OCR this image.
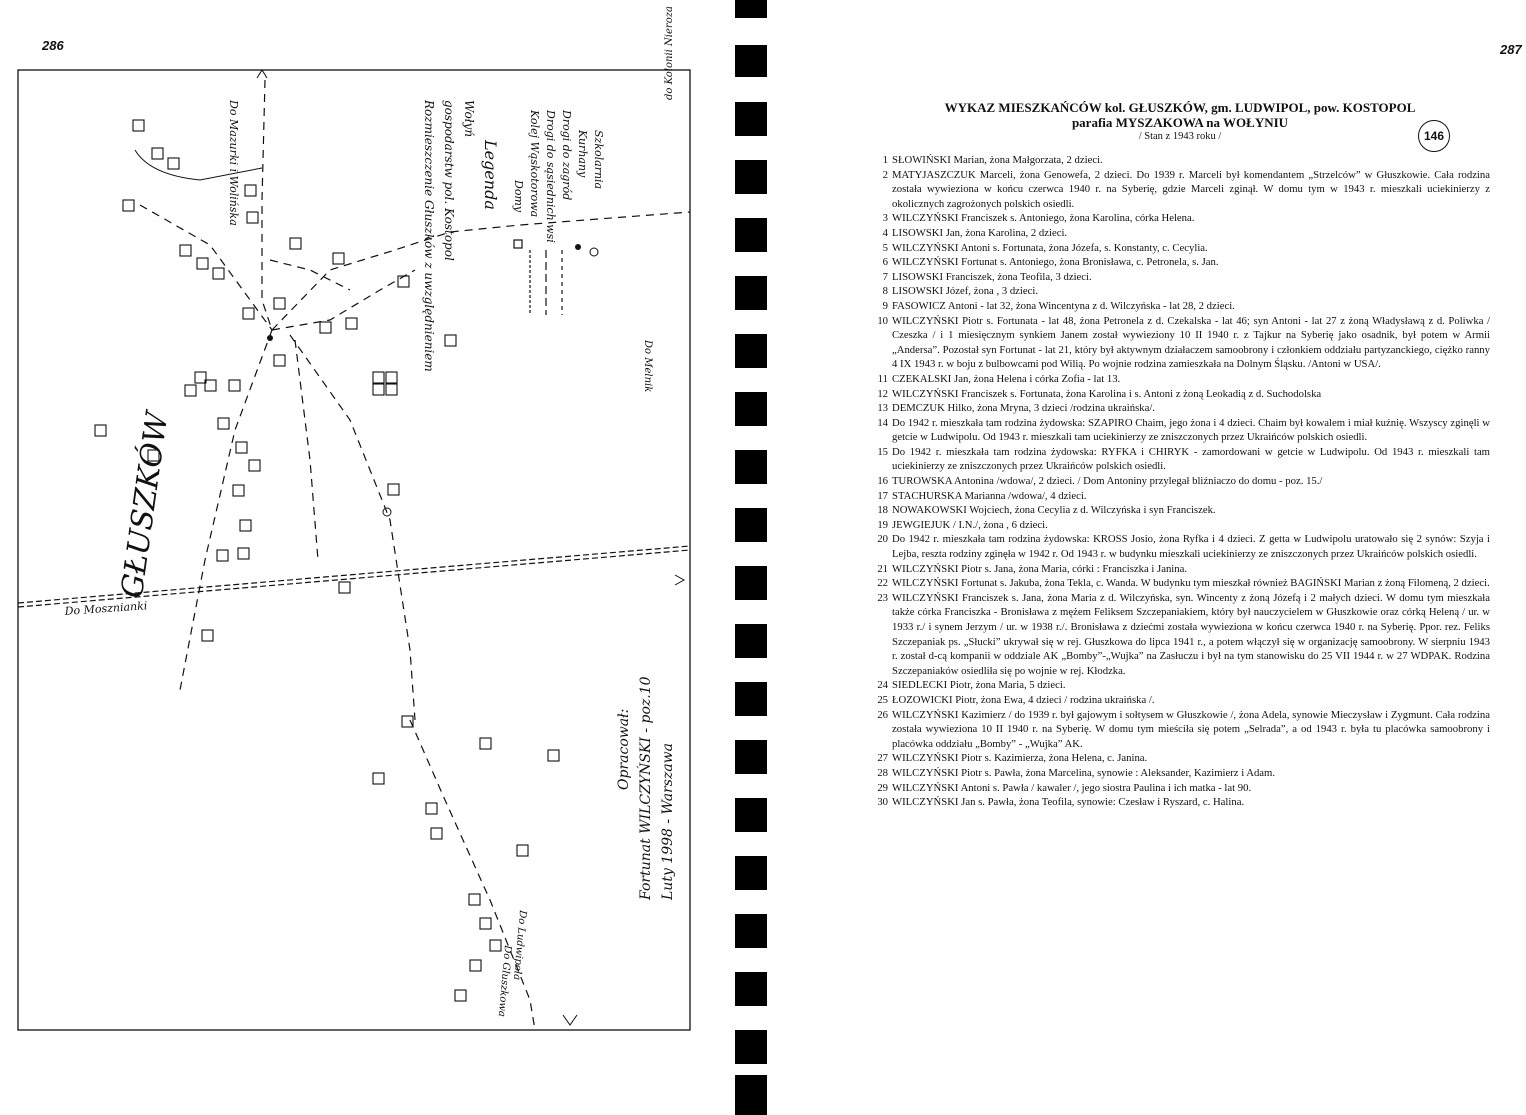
286
GŁUSZKÓW
Do Mazurki i Wolińska
Do Mosznianki
Do Ludwipola
Do Gluszkowa
Do Melnik
do Kolonii Nieroza
Rozmieszczenie Głuszków z uwzględnieniem gospodarstw pol. Kostopol Wołyń
Legenda Domy Kolej Wąskotorowa Drogi do sąsiednich wsi Drogi do zagród Kurhany Szkolarnia
Opracował: Fortunat WILCZYŃSKI - poz.10 Luty 1998 - Warszawa
287
146
WYKAZ MIESZKAŃCÓW kol. GŁUSZKÓW, gm. LUDWIPOL, pow. KOSTOPOL
parafia MYSZAKOWA na WOŁYNIU
/ Stan z 1943 roku /
1 SŁOWIŃSKI Marian, żona Małgorzata, 2 dzieci.
2 MATYJASZCZUK Marceli, żona Genowefa, 2 dzieci. Do 1939 r. Marceli był komendantem „Strzelców” w Głuszkowie. Cała rodzina została wywieziona w końcu czerwca 1940 r. na Syberię, gdzie Marceli zginął. W domu tym w 1943 r. mieszkali uciekinierzy z okolicznych zagrożonych polskich osiedli.
3 WILCZYŃSKI Franciszek s. Antoniego, żona Karolina, córka Helena.
4 LISOWSKI Jan, żona Karolina, 2 dzieci.
5 WILCZYŃSKI Antoni s. Fortunata, żona Józefa, s. Konstanty, c. Cecylia.
6 WILCZYŃSKI Fortunat s. Antoniego, żona Bronisława, c. Petronela, s. Jan.
7 LISOWSKI Franciszek, żona Teofila, 3 dzieci.
8 LISOWSKI Józef, żona , 3 dzieci.
9 FASOWICZ Antoni - lat 32, żona Wincentyna z d. Wilczyńska - lat 28, 2 dzieci.
10 WILCZYŃSKI Piotr s. Fortunata - lat 48, żona Petronela z d. Czekalska - lat 46; syn Antoni - lat 27 z żoną Władysławą z d. Poliwka / Czeszka / i 1 miesięcznym synkiem Janem został wywieziony 10 II 1940 r. z Tajkur na Syberię jako osadnik, był potem w Armii „Andersa”. Pozostał syn Fortunat - lat 21, który był aktywnym działaczem samoobrony i członkiem oddziału partyzanckiego, ciężko ranny 4 IX 1943 r. w boju z bulbowcami pod Wilią. Po wojnie rodzina zamieszkała na Dolnym Śląsku. /Antoni w USA/.
11 CZEKALSKI Jan, żona Helena i córka Zofia - lat 13.
12 WILCZYŃSKI Franciszek s. Fortunata, żona Karolina i s. Antoni z żoną Leokadią z d. Suchodolska
13 DEMCZUK Hilko, żona Mryna, 3 dzieci /rodzina ukraińska/.
14 Do 1942 r. mieszkała tam rodzina żydowska: SZAPIRO Chaim, jego żona i 4 dzieci. Chaim był kowalem i miał kuźnię. Wszyscy zginęli w getcie w Ludwipolu. Od 1943 r. mieszkali tam uciekinierzy ze zniszczonych przez Ukraińców polskich osiedli.
15 Do 1942 r. mieszkała tam rodzina żydowska: RYFKA i CHIRYK - zamordowani w getcie w Ludwipolu. Od 1943 r. mieszkali tam uciekinierzy ze zniszczonych przez Ukraińców polskich osiedli.
16 TUROWSKA Antonina /wdowa/, 2 dzieci. / Dom Antoniny przylegał bliźniaczo do domu - poz. 15./
17 STACHURSKA Marianna /wdowa/, 4 dzieci.
18 NOWAKOWSKI Wojciech, żona Cecylia z d. Wilczyńska i syn Franciszek.
19 JEWGIEJUK / I.N./, żona , 6 dzieci.
20 Do 1942 r. mieszkała tam rodzina żydowska: KROSS Josio, żona Ryfka i 4 dzieci. Z getta w Ludwipolu uratowało się 2 synów: Szyja i Lejba, reszta rodziny zginęła w 1942 r. Od 1943 r. w budynku mieszkali uciekinierzy ze zniszczonych przez Ukraińców polskich osiedli.
21 WILCZYŃSKI Piotr s. Jana, żona Maria, córki : Franciszka i Janina.
22 WILCZYŃSKI Fortunat s. Jakuba, żona Tekla, c. Wanda. W budynku tym mieszkał również BAGIŃSKI Marian z żoną Filomeną, 2 dzieci.
23 WILCZYŃSKI Franciszek s. Jana, żona Maria z d. Wilczyńska, syn. Wincenty z żoną Józefą i 2 małych dzieci. W domu tym mieszkała także córka Franciszka - Bronisława z mężem Feliksem Szczepaniakiem, który był nauczycielem w Głuszkowie oraz córką Heleną / ur. w 1933 r./ i synem Jerzym / ur. w 1938 r./. Bronisława z dziećmi została wywieziona w końcu czerwca 1940 r. na Syberię. Ppor. rez. Feliks Szczepaniak ps. „Słucki” ukrywał się w rej. Głuszkowa do lipca 1941 r., a potem włączył się w organizację samoobrony. W sierpniu 1943 r. został d-cą kompanii w oddziale AK „Bomby”-„Wujka” na Zasłuczu i był na tym stanowisku do 25 VII 1944 r. w 27 WDPAK. Rodzina Szczepaniaków osiedliła się po wojnie w rej. Kłodzka.
24 SIEDLECKI Piotr, żona Maria, 5 dzieci.
25 ŁOZOWICKI Piotr, żona Ewa, 4 dzieci / rodzina ukraińska /.
26 WILCZYŃSKI Kazimierz / do 1939 r. był gajowym i sołtysem w Głuszkowie /, żona Adela, synowie Mieczysław i Zygmunt. Cała rodzina została wywieziona 10 II 1940 r. na Syberię. W domu tym mieściła się potem „Selrada”, a od 1943 r. była tu placówka samoobrony i placówka oddziału „Bomby” - „Wujka” AK.
27 WILCZYŃSKI Piotr s. Kazimierza, żona Helena, c. Janina.
28 WILCZYŃSKI Piotr s. Pawła, żona Marcelina, synowie : Aleksander, Kazimierz i Adam.
29 WILCZYŃSKI Antoni s. Pawła / kawaler /, jego siostra Paulina i ich matka - lat 90.
30 WILCZYŃSKI Jan s. Pawła, żona Teofila, synowie: Czesław i Ryszard, c. Halina.
